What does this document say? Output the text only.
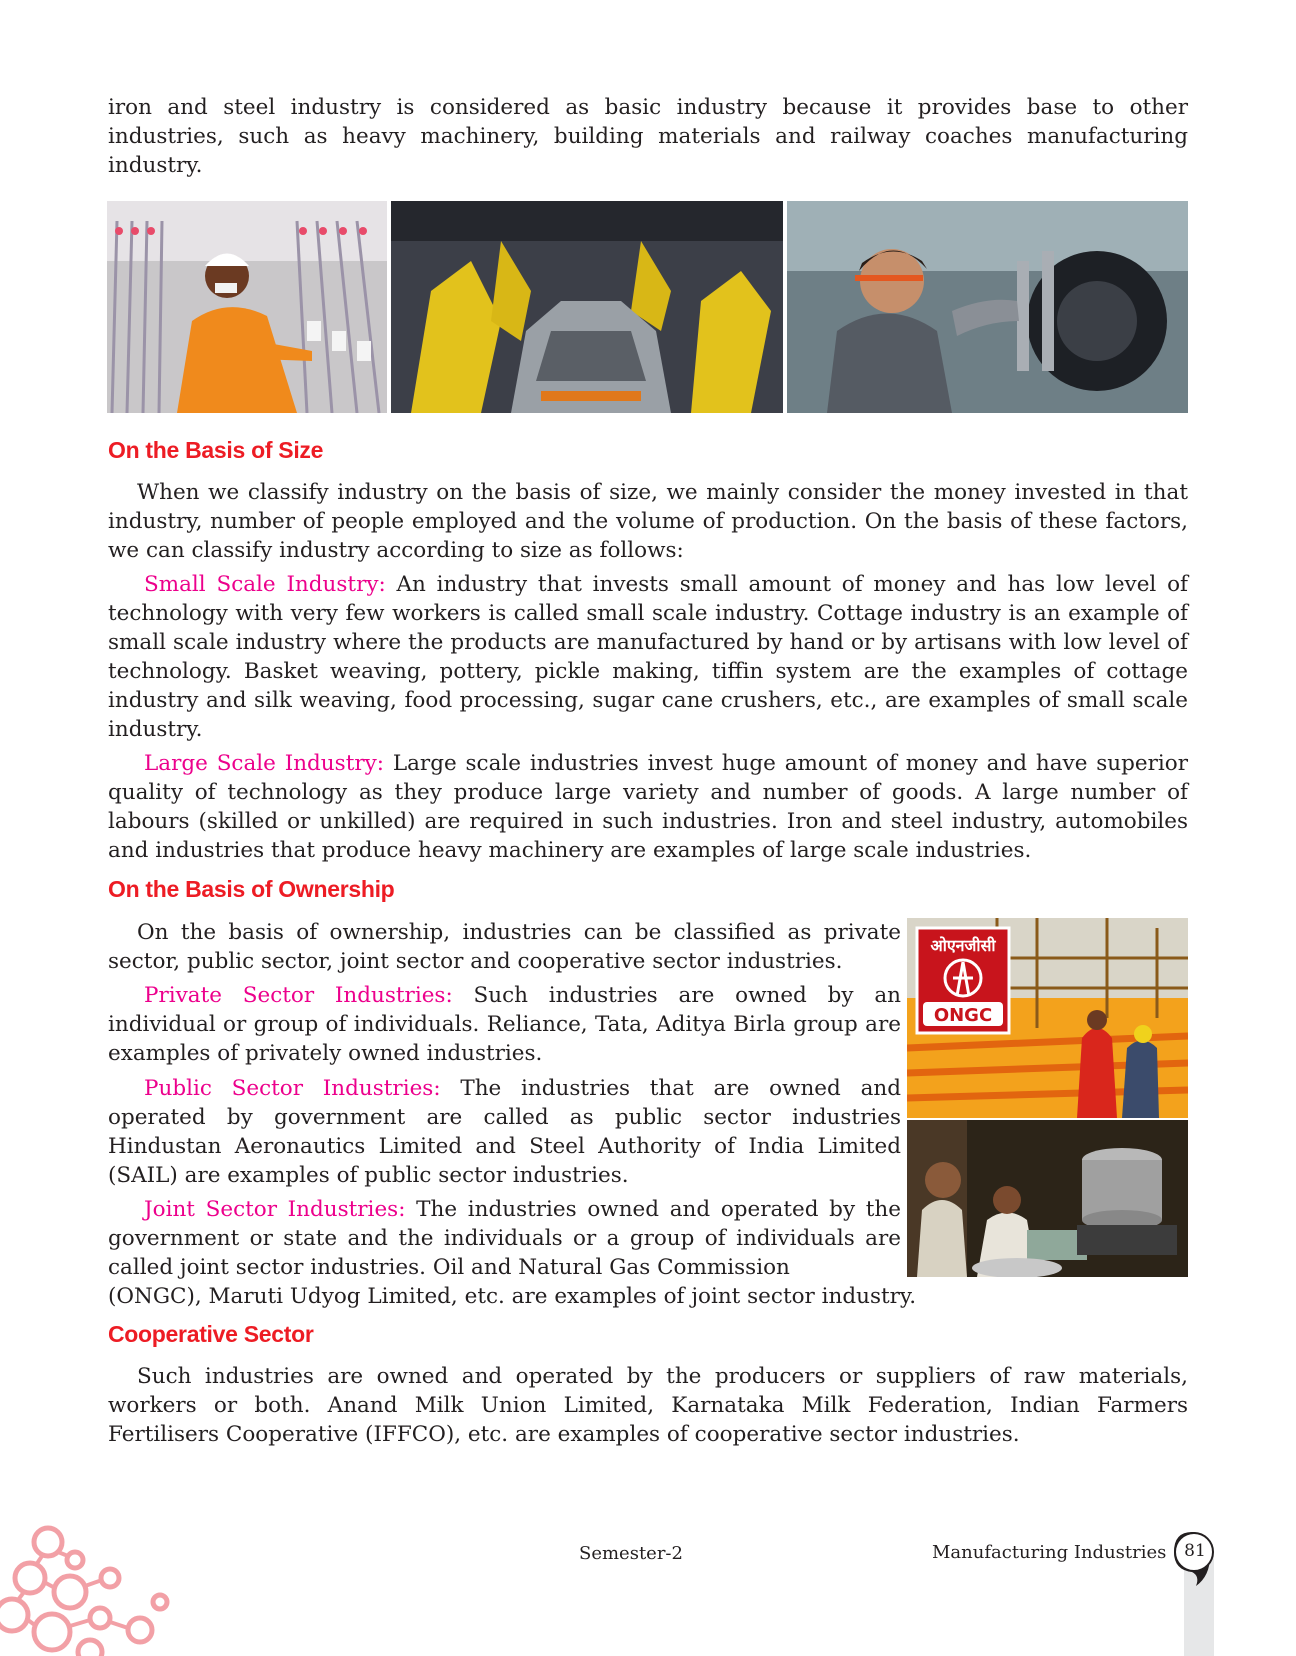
iron and steel industry is considered as basic industry because it provides base to other industries, such as heavy machinery, building materials and railway coaches manufacturing industry.

On the Basis of Size

When we classify industry on the basis of size, we mainly consider the money invested in that industry, number of people employed and the volume of production. On the basis of these factors, we can classify industry according to size as follows:

Small Scale Industry: An industry that invests small amount of money and has low level of technology with very few workers is called small scale industry. Cottage industry is an example of small scale industry where the products are manufactured by hand or by artisans with low level of technology. Basket weaving, pottery, pickle making, tiffin system are the examples of cottage industry and silk weaving, food processing, sugar cane crushers, etc., are examples of small scale industry.

Large Scale Industry: Large scale industries invest huge amount of money and have superior quality of technology as they produce large variety and number of goods. A large number of labours (skilled or unkilled) are required in such industries. Iron and steel industry, automobiles and industries that produce heavy machinery are examples of large scale industries.

On the Basis of Ownership

On the basis of ownership, industries can be classified as private sector, public sector, joint sector and cooperative sector industries.

Private Sector Industries: Such industries are owned by an individual or group of individuals. Reliance, Tata, Aditya Birla group are examples of privately owned industries.

Public Sector Industries: The industries that are owned and operated by government are called as public sector industries Hindustan Aeronautics Limited and Steel Authority of India Limited (SAIL) are examples of public sector industries.

Joint Sector Industries: The industries owned and operated by the government or state and the individuals or a group of individuals are called joint sector industries. Oil and Natural Gas Commission

(ONGC), Maruti Udyog Limited, etc. are examples of joint sector industry.

ओएनजीसी
ONGC
Cooperative Sector

Such industries are owned and operated by the producers or suppliers of raw materials, workers or both. Anand Milk Union Limited, Karnataka Milk Federation, Indian Farmers Fertilisers Cooperative (IFFCO), etc. are examples of cooperative sector industries.

Semester-2	Manufacturing Industries 81
